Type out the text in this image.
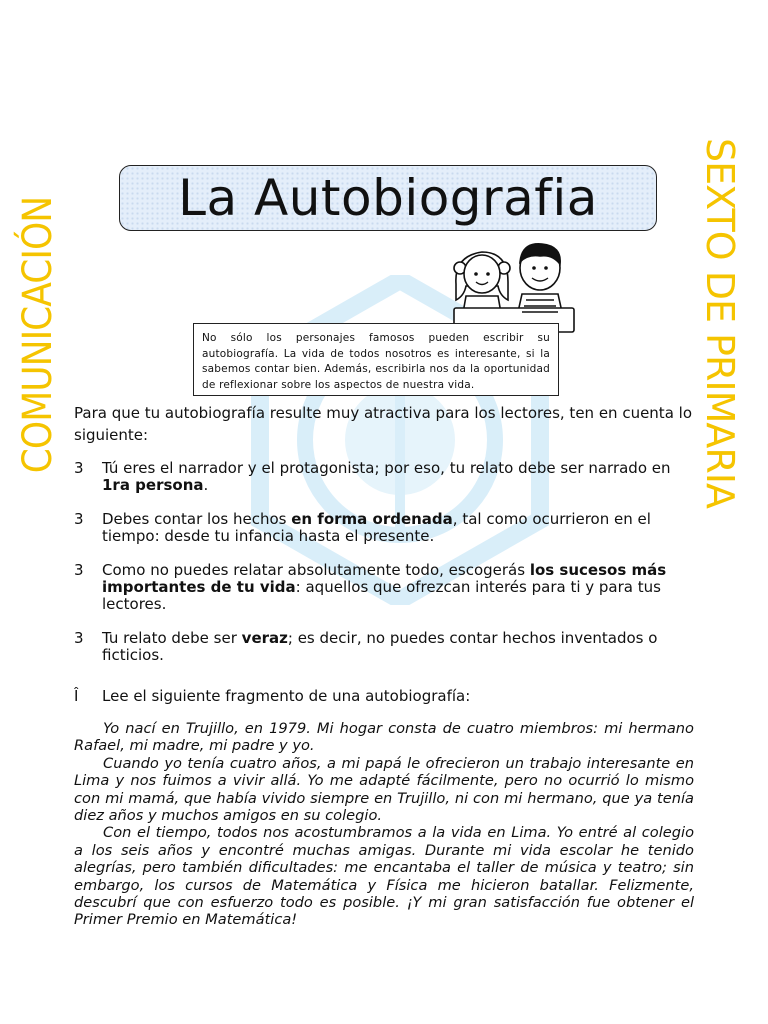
COMUNICACIÓN	SEXTO DE PRIMARIA
La Autobiografia
No sólo los personajes famosos pueden escribir su autobiografía. La vida de todos nosotros es interesante, si la sabemos contar bien. Además, escribirla nos da la oportunidad de reflexionar sobre los aspectos de nuestra vida.

Para que tu autobiografía resulte muy atractiva para los lectores, ten en cuenta lo siguiente:

3	Tú eres el narrador y el protagonista; por eso, tu relato debe ser narrado en 1ra persona.
3	Debes contar los hechos en forma ordenada, tal como ocurrieron en el tiempo: desde tu infancia hasta el presente.
3	Como no puedes relatar absolutamente todo, escogerás los sucesos más importantes de tu vida: aquellos que ofrezcan interés para ti y para tus lectores.
3	Tu relato debe ser veraz; es decir, no puedes contar hechos inventados o ficticios.
Î	Lee el siguiente fragmento de una autobiografía:

Yo nací en Trujillo, en 1979. Mi hogar consta de cuatro miembros: mi hermano Rafael, mi madre, mi padre y yo.

Cuando yo tenía cuatro años, a mi papá le ofrecieron un trabajo interesante en Lima y nos fuimos a vivir allá. Yo me adapté fácilmente, pero no ocurrió lo mismo con mi mamá, que había vivido siempre en Trujillo, ni con mi hermano, que ya tenía diez años y muchos amigos en su colegio.

Con el tiempo, todos nos acostumbramos a la vida en Lima. Yo entré al colegio a los seis años y encontré muchas amigas. Durante mi vida escolar he tenido alegrías, pero también dificultades: me encantaba el taller de música y teatro; sin embargo, los cursos de Matemática y Física me hicieron batallar. Felizmente, descubrí que con esfuerzo todo es posible. ¡Y mi gran satisfacción fue obtener el Primer Premio en Matemática!
